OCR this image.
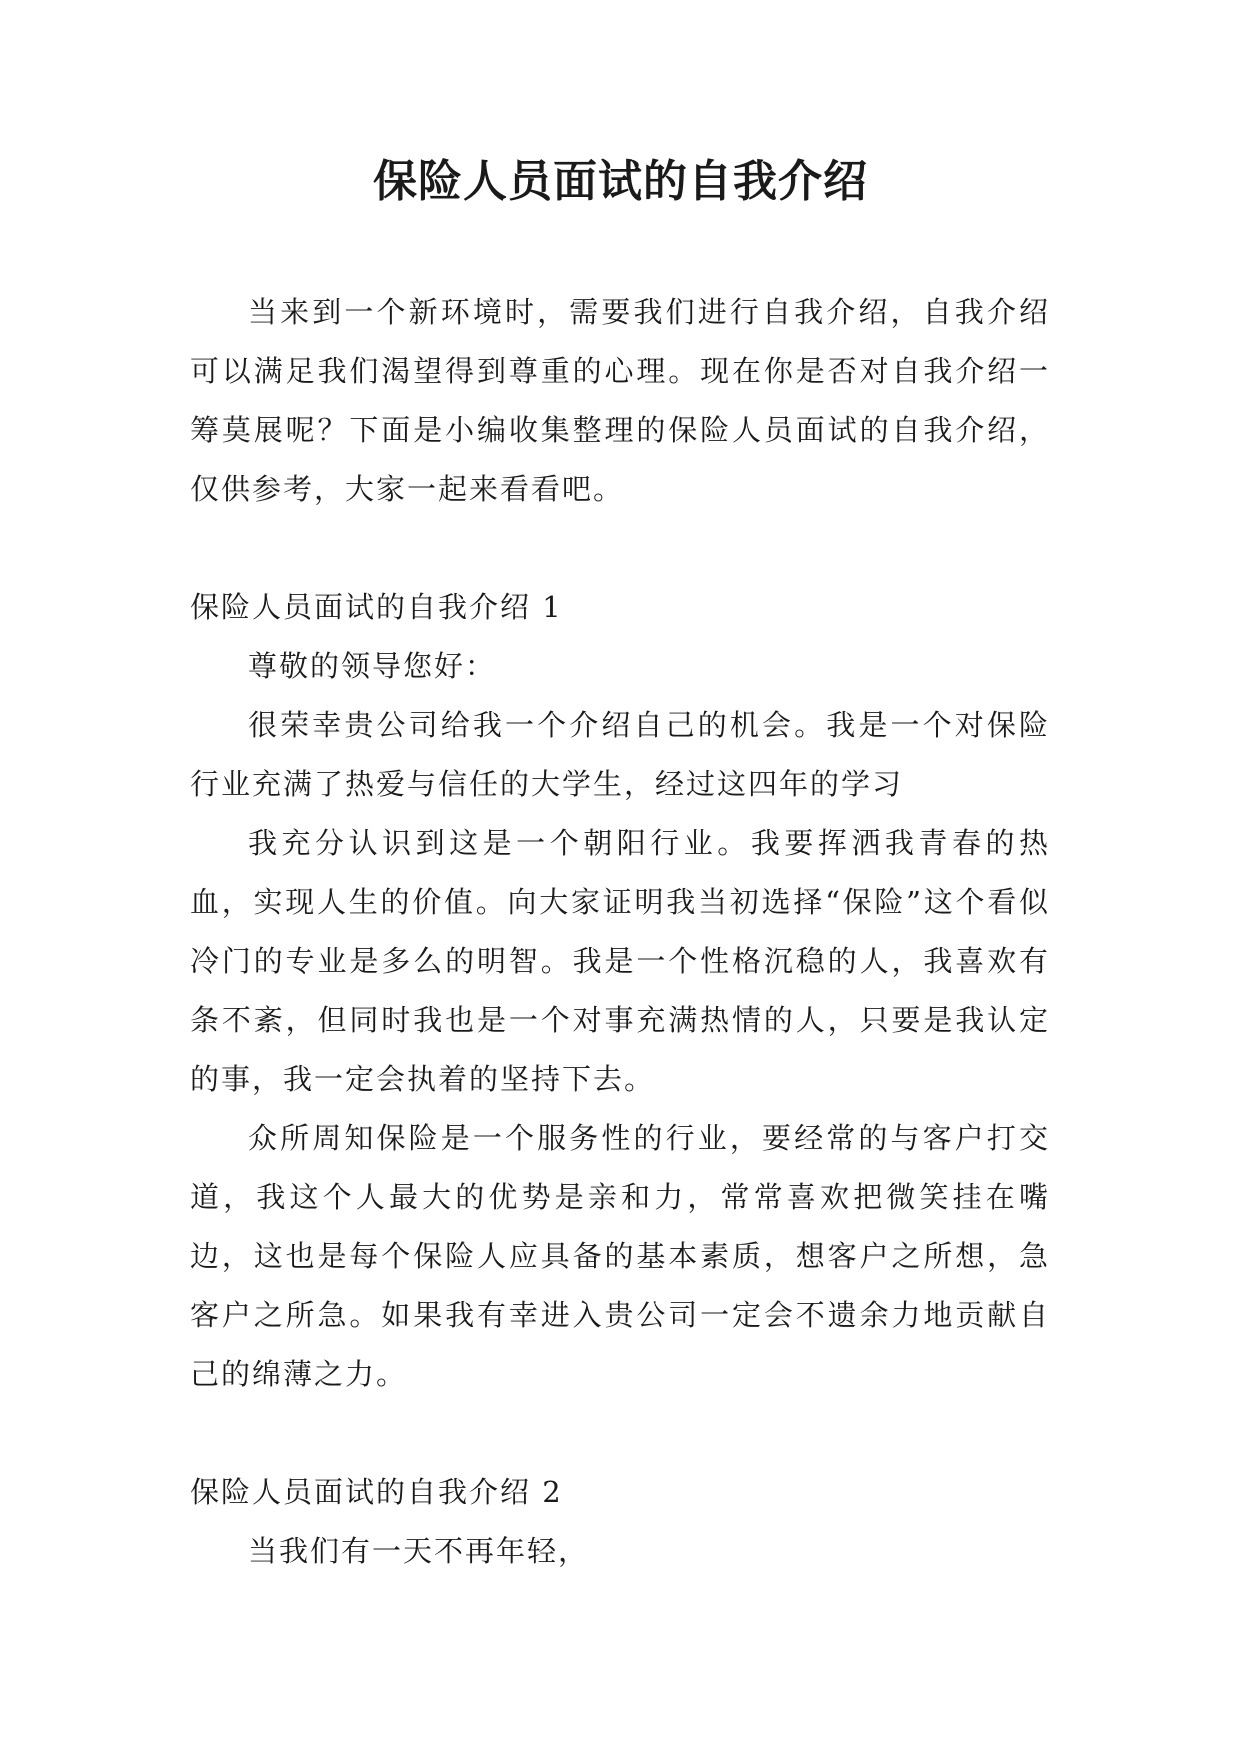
保险人员面试的自我介绍

当来到一个新环境时，需要我们进行自我介绍，自我介绍可以满足我们渴望得到尊重的心理。现在你是否对自我介绍一筹莫展呢？下面是小编收集整理的保险人员面试的自我介绍，仅供参考，大家一起来看看吧。

保险人员面试的自我介绍 1

尊敬的领导您好：

很荣幸贵公司给我一个介绍自己的机会。我是一个对保险行业充满了热爱与信任的大学生，经过这四年的学习

我充分认识到这是一个朝阳行业。我要挥洒我青春的热血，实现人生的价值。向大家证明我当初选择“保险”这个看似冷门的专业是多么的明智。我是一个性格沉稳的人，我喜欢有条不紊，但同时我也是一个对事充满热情的人，只要是我认定的事，我一定会执着的坚持下去。

众所周知保险是一个服务性的行业，要经常的与客户打交道，我这个人最大的优势是亲和力，常常喜欢把微笑挂在嘴边，这也是每个保险人应具备的基本素质，想客户之所想，急客户之所急。如果我有幸进入贵公司一定会不遗余力地贡献自己的绵薄之力。

保险人员面试的自我介绍 2

当我们有一天不再年轻，
